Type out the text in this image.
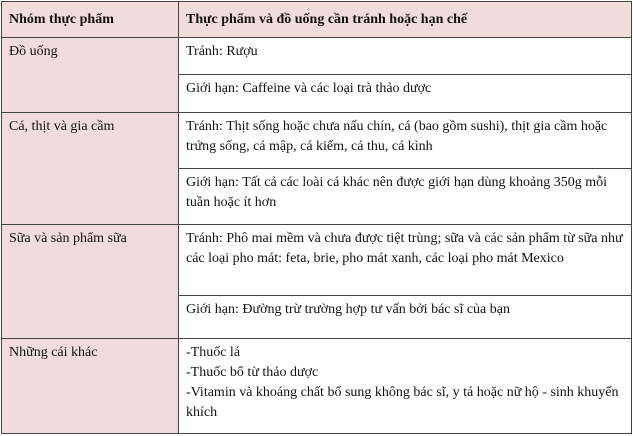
Nhóm thực phẩm	Thực phẩm và đồ uống cần tránh hoặc hạn chế
Đồ uống	Tránh: Rượu
	Giới hạn: Caffeine và các loại trà thảo dược
Cá, thịt và gia cầm	Tránh: Thịt sống hoặc chưa nấu chín, cá (bao gồm sushi), thịt gia cầm hoặc trứng sống, cá mập, cá kiếm, cá thu, cá kình
	Giới hạn: Tất cả các loài cá khác nên được giới hạn dùng khoảng 350g mỗi tuần hoặc ít hơn
Sữa và sản phẩm sữa	Tránh: Phô mai mềm và chưa được tiệt trùng; sữa và các sản phẩm từ sữa như các loại pho mát: feta, brie, pho mát xanh, các loại pho mát Mexico
	Giới hạn: Đường trừ trường hợp tư vấn bởi bác sĩ của bạn
Những cái khác	-Thuốc lá
-Thuốc bổ từ thảo dược
-Vitamin và khoáng chất bổ sung không bác sĩ, y tá hoặc nữ hộ - sinh khuyến khích
